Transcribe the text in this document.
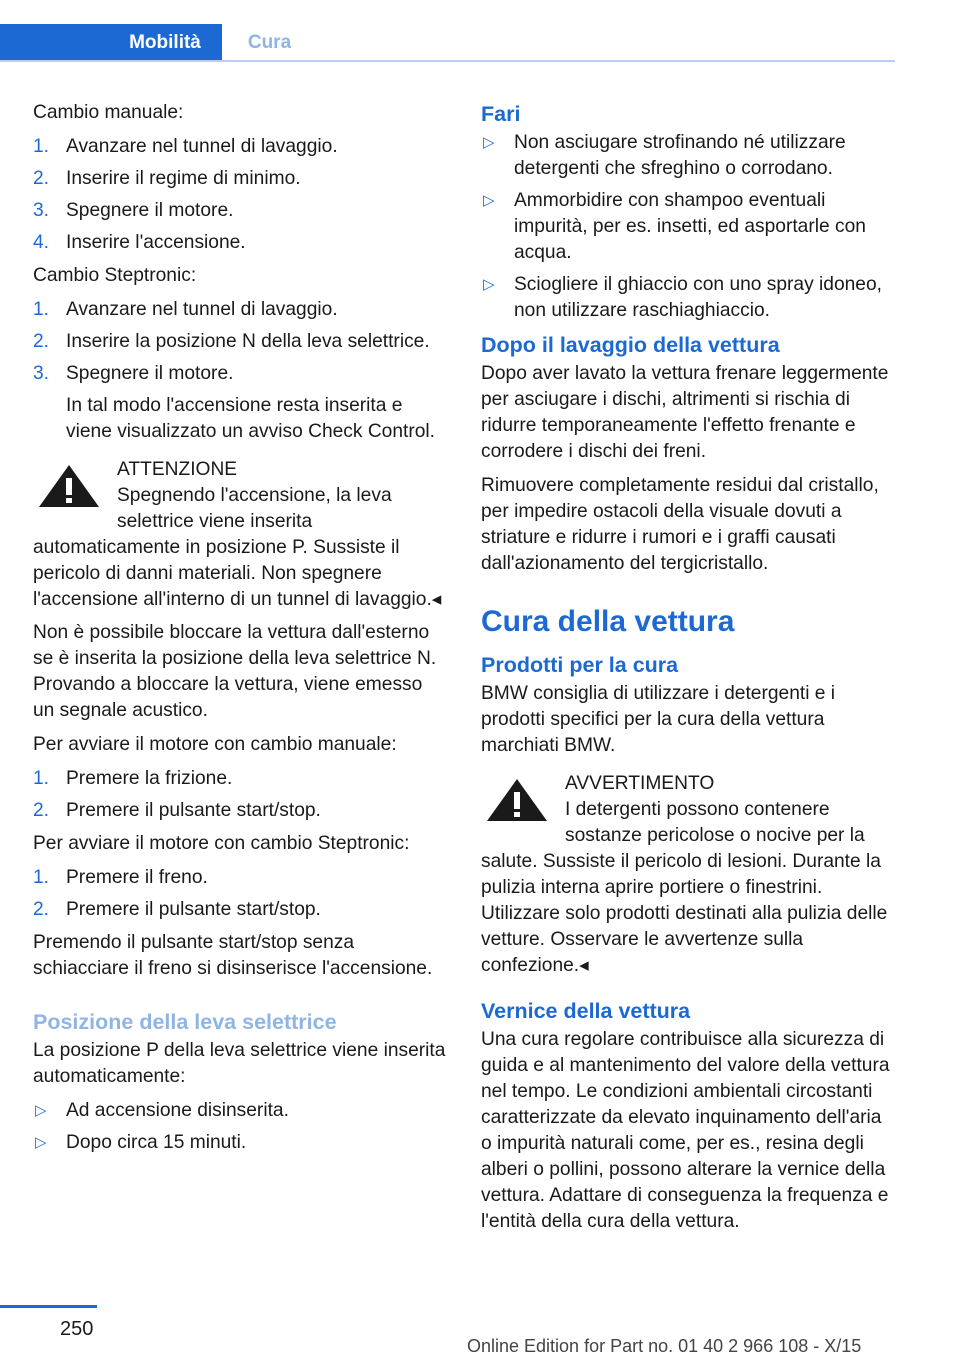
Mobilità	Cura

Cambio manuale:

1. Avanzare nel tunnel di lavaggio.
2. Inserire il regime di minimo.
3. Spegnere il motore.
4. Inserire l'accensione.

Cambio Steptronic:

1. Avanzare nel tunnel di lavaggio.
2. Inserire la posizione N della leva selettrice.
3. Spegnere il motore.
In tal modo l'accensione resta inserita e viene visualizzato un avviso Check Control.
ATTENZIONE
Spegnendo l'accensione, la leva selettrice viene inserita automaticamente in posizione P. Sussiste il pericolo di danni materiali. Non spegnere l'accensione all'interno di un tunnel di lavaggio.◂

Non è possibile bloccare la vettura dall'esterno se è inserita la posizione della leva selettrice N. Provando a bloccare la vettura, viene emesso un segnale acustico.

Per avviare il motore con cambio manuale:

1. Premere la frizione.
2. Premere il pulsante start/stop.

Per avviare il motore con cambio Steptronic:

1. Premere il freno.
2. Premere il pulsante start/stop.

Premendo il pulsante start/stop senza schiacciare il freno si disinserisce l'accensione.

Posizione della leva selettrice

La posizione P della leva selettrice viene inserita automaticamente:

▷ Ad accensione disinserita.
▷ Dopo circa 15 minuti.
Fari
▷ Non asciugare strofinando né utilizzare detergenti che sfreghino o corrodano.
▷ Ammorbidire con shampoo eventuali impurità, per es. insetti, ed asportarle con acqua.
▷ Sciogliere il ghiaccio con uno spray idoneo, non utilizzare raschiaghiaccio.
Dopo il lavaggio della vettura

Dopo aver lavato la vettura frenare leggermente per asciugare i dischi, altrimenti si rischia di ridurre temporaneamente l'effetto frenante e corrodere i dischi dei freni.

Rimuovere completamente residui dal cristallo, per impedire ostacoli della visuale dovuti a striature e ridurre i rumori e i graffi causati dall'azionamento del tergicristallo.

Cura della vettura
Prodotti per la cura

BMW consiglia di utilizzare i detergenti e i prodotti specifici per la cura della vettura marchiati BMW.

AVVERTIMENTO
I detergenti possono contenere sostanze pericolose o nocive per la salute. Sussiste il pericolo di lesioni. Durante la pulizia interna aprire portiere o finestrini. Utilizzare solo prodotti destinati alla pulizia delle vetture. Osservare le avvertenze sulla confezione.◂
Vernice della vettura

Una cura regolare contribuisce alla sicurezza di guida e al mantenimento del valore della vettura nel tempo. Le condizioni ambientali circostanti caratterizzate da elevato inquinamento dell'aria o impurità naturali come, per es., resina degli alberi o pollini, possono alterare la vernice della vettura. Adattare di conseguenza la frequenza e l'entità della cura della vettura.

250
Online Edition for Part no. 01 40 2 966 108 - X/15
